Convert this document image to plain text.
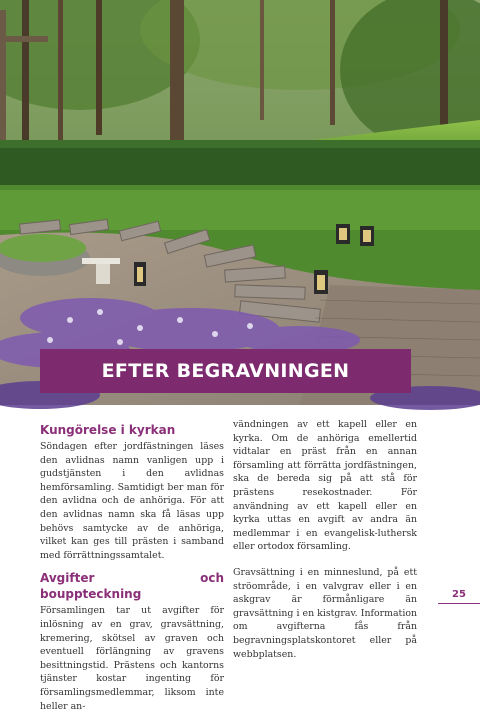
EFTER BEGRAVNINGEN
Kungörelse i kyrkan

Söndagen efter jordfästningen läses den avlidnas namn vanligen upp i gudstjänsten i den avlidnas hemförsamling. Samtidigt ber man för den avlidna och de anhöriga. För att den avlidnas namn ska få läsas upp behövs samtycke av de anhöriga, vilket kan ges till prästen i samband med förrättningssamtalet.

Avgifter och bouppteckning

Församlingen tar ut avgifter för inlösning av en grav, gravsättning, kremering, skötsel av graven och eventuell förlängning av gravens besittningstid. Prästens och kantorns tjänster kostar ingenting för församlingsmedlemmar, liksom inte heller an-

vändningen av ett kapell eller en kyrka. Om de anhöriga emellertid vidtalar en präst från en annan församling att förrätta jordfästningen, ska de bereda sig på att stå för prästens resekostnader. För användning av ett kapell eller en kyrka uttas en avgift av andra än medlemmar i en evangelisk-luthersk eller ortodox församling.

Gravsättning i en minneslund, på ett ströområde, i en valvgrav eller i en askgrav är förmånligare än gravsättning i en kistgrav. Information om avgifterna fås från begravningsplatskontoret eller på webbplatsen.

25
